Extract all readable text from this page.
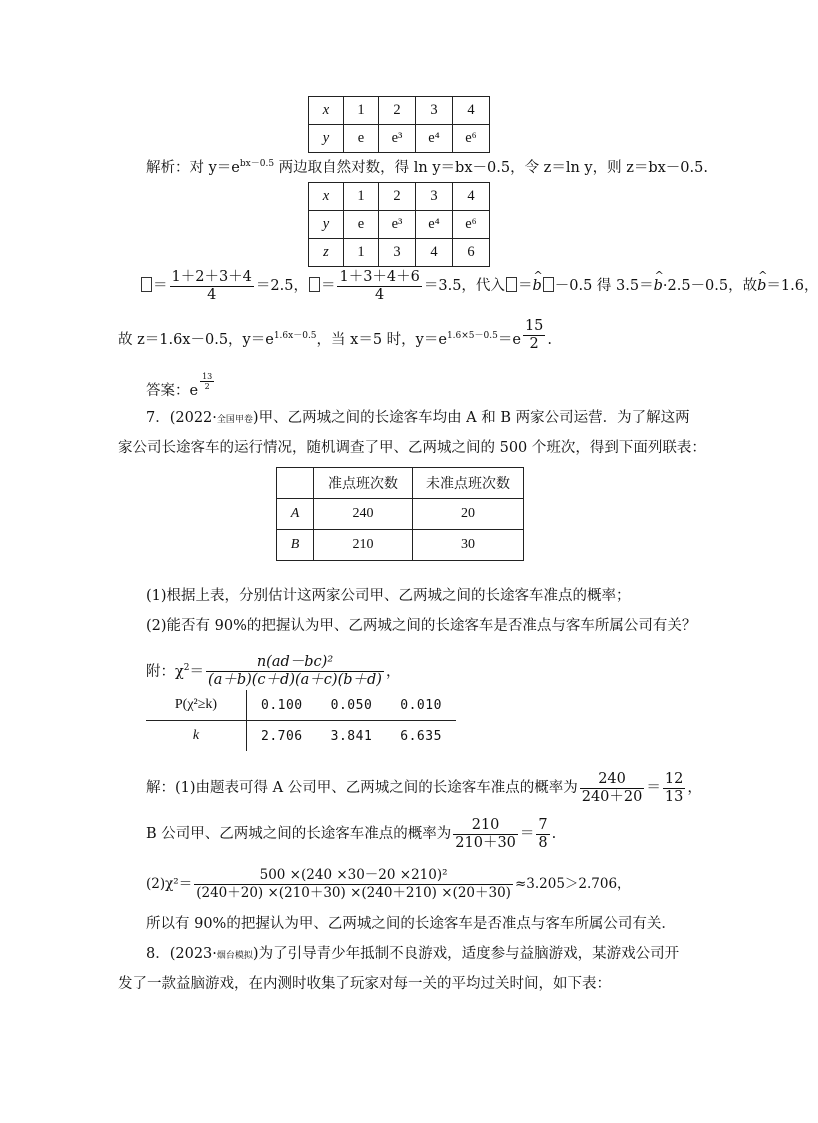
x	1	2	3	4
y	e	e³	e⁴	e⁶
解析：对 $y=e^{bx-0.5}$ 两边取自然对数，得 ln y＝bx－0.5，令 z＝ln y，则 z＝bx－0.5.
x	1	2	3	4
y	e	e³	e⁴	e⁶
z	1	3	4	6
＝ $\frac{1+2+3+4}{4} =2.5$， ＝ $\frac{1+3+4+6}{4} =3.5$，代入 ＝^ b －0.5 得 3.5＝^ b·2.5－0.5，故^ b＝1.6，
故 z＝1.6x－0.5，$y=e^{1.6x-0.5}$，当 x＝5 时，$y=e^{1.6\times 5-0.5}=e \frac{15}{2}$ .
答案：e $\frac{13}{2}$
7．(2022·全国甲卷)甲、乙两城之间的长途客车均由 A 和 B 两家公司运营．为了解这两
家公司长途客车的运行情况，随机调查了甲、乙两城之间的 500 个班次，得到下面列联表：
	准点班次数	未准点班次数
A	240	20
B	210	30
(1)根据上表，分别估计这两家公司甲、乙两城之间的长途客车准点的概率；
(2)能否有 90%的把握认为甲、乙两城之间的长途客车是否准点与客车所属公司有关？
附：$\chi^2= \frac{\text{n(ad－bc)²}}{(a+b)(c+d)(a+c)(b+d)}$ ，
P(χ²≥k)	0.100	0.050	0.010
k	2.706	3.841	6.635
解：(1)由题表可得 A 公司甲、乙两城之间的长途客车准点的概率为 $\frac{240}{240+20} = \frac{12}{13}$ ，
B 公司甲、乙两城之间的长途客车准点的概率为 $\frac{210}{210+30} = \frac{7}{8}$ .
$(2)\chi^2= \frac{\text{500 ×(240 ×30－20 ×210)²}}{(240+20) \times(210+30) \times(240+210) \times(20+30)} \approx 3.205>2.706$，
所以有 90%的把握认为甲、乙两城之间的长途客车是否准点与客车所属公司有关．
8．(2023·烟台模拟)为了引导青少年抵制不良游戏，适度参与益脑游戏，某游戏公司开
发了一款益脑游戏，在内测时收集了玩家对每一关的平均过关时间，如下表：
